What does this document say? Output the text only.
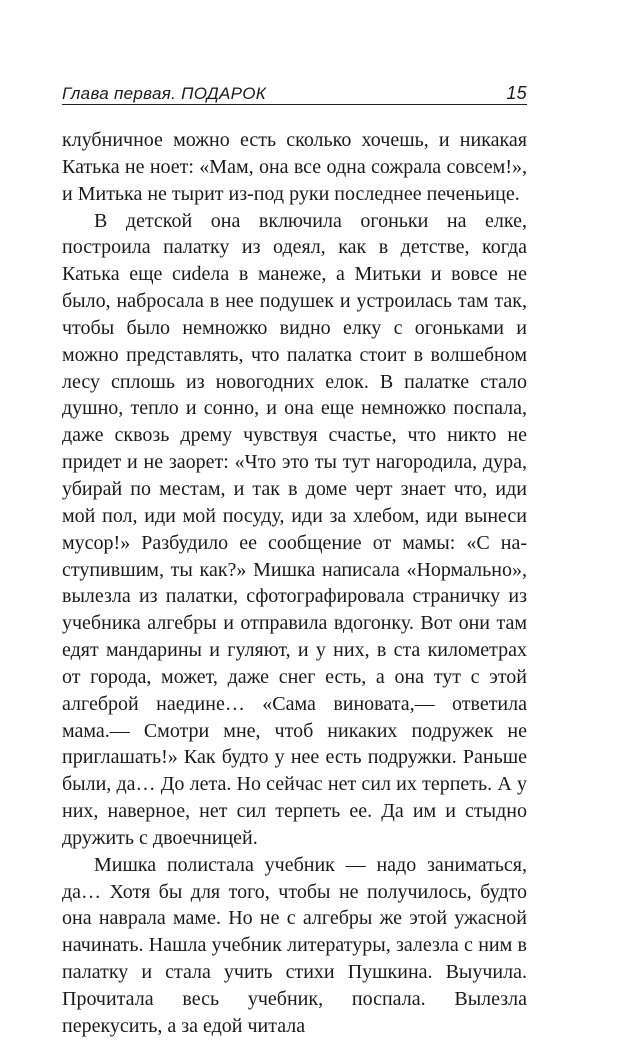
Глава первая. ПОДАРОК	15

клубничное можно есть сколько хочешь, и никакая Катька не ноет: «Мам, она все одна сожрала совсем!», и Митька не тырит из-под руки последнее печеньице.

В детской она включила огоньки на елке, построила палатку из одеял, как в детстве, когда Катька еще сиdела в манеже, а Митьки и вовсе не было, набросала в нее подушек и устроилась там так, чтобы было немножко видно елку с огоньками и можно представлять, что палатка стоит в волшебном лесу сплошь из новогодних елок. В палатке стало душно, тепло и сонно, и она еще немножко поспала, даже сквозь дрему чувствуя счастье, что никто не придет и не заорет: «Что это ты тут нагородила, дура, убирай по местам, и так в доме черт знает что, иди мой пол, иди мой посуду, иди за хлебом, иди вынеси мусор!» Разбудило ее сообщение от мамы: «С наступившим, ты как?» Мишка написала «Нормально», вылезла из палатки, сфотографировала страничку из учебника алгебры и отправила вдогонку. Вот они там едят мандарины и гуляют, и у них, в ста километрах от города, может, даже снег есть, а она тут с этой алгеброй наедине… «Сама виновата,— ответила мама.— Смотри мне, чтоб никаких подружек не приглашать!» Как будто у нее есть подружки. Раньше были, да… До лета. Но сейчас нет сил их терпеть. А у них, наверное, нет сил терпеть ее. Да им и стыдно дружить с двоечницей.

Мишка полистала учебник — надо заниматься, да… Хотя бы для того, чтобы не получилось, будто она наврала маме. Но не с алгебры же этой ужасной начинать. Нашла учебник литературы, залезла с ним в палатку и стала учить стихи Пушкина. Выучила. Прочитала весь учебник, поспала. Вылезла перекусить, а за едой читала
